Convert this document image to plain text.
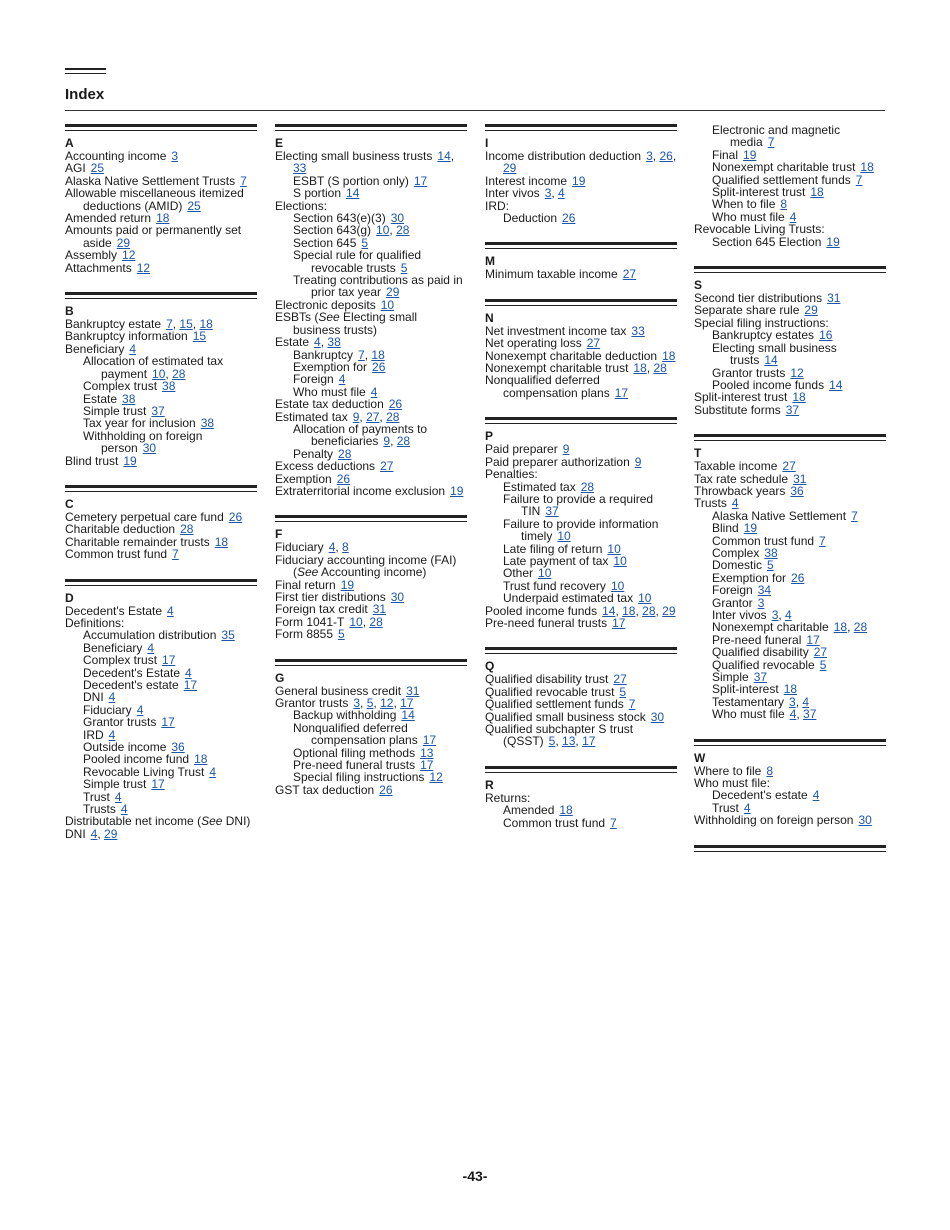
Index

A

Accounting income 3

AGI 25

Alaska Native Settlement Trusts 7

Allowable miscellaneous itemized deductions (AMID) 25

Amended return 18

Amounts paid or permanently set aside 29

Assembly 12

Attachments 12

B

Bankruptcy estate 7, 15, 18

Bankruptcy information 15

Beneficiary 4

Allocation of estimated tax payment 10, 28

Complex trust 38

Estate 38

Simple trust 37

Tax year for inclusion 38

Withholding on foreign person 30

Blind trust 19

C

Cemetery perpetual care fund 26

Charitable deduction 28

Charitable remainder trusts 18

Common trust fund 7

D

Decedent's Estate 4

Definitions:

Accumulation distribution 35

Beneficiary 4

Complex trust 17

Decedent's Estate 4

Decedent's estate 17

DNI 4

Fiduciary 4

Grantor trusts 17

IRD 4

Outside income 36

Pooled income fund 18

Revocable Living Trust 4

Simple trust 17

Trust 4

Trusts 4

Distributable net income (See DNI)

DNI 4, 29

E

Electing small business trusts 14, 33

ESBT (S portion only) 17

S portion 14

Elections:

Section 643(e)(3) 30

Section 643(g) 10, 28

Section 645 5

Special rule for qualified revocable trusts 5

Treating contributions as paid in prior tax year 29

Electronic deposits 10

ESBTs (See Electing small business trusts)

Estate 4, 38

Bankruptcy 7, 18

Exemption for 26

Foreign 4

Who must file 4

Estate tax deduction 26

Estimated tax 9, 27, 28

Allocation of payments to beneficiaries 9, 28

Penalty 28

Excess deductions 27

Exemption 26

Extraterritorial income exclusion 19

F

Fiduciary 4, 8

Fiduciary accounting income (FAI) (See Accounting income)

Final return 19

First tier distributions 30

Foreign tax credit 31

Form 1041-T 10, 28

Form 8855 5

G

General business credit 31

Grantor trusts 3, 5, 12, 17

Backup withholding 14

Nonqualified deferred compensation plans 17

Optional filing methods 13

Pre-need funeral trusts 17

Special filing instructions 12

GST tax deduction 26

I

Income distribution deduction 3, 26, 29

Interest income 19

Inter vivos 3, 4

IRD:

Deduction 26

M

Minimum taxable income 27

N

Net investment income tax 33

Net operating loss 27

Nonexempt charitable deduction 18

Nonexempt charitable trust 18, 28

Nonqualified deferred compensation plans 17

P

Paid preparer 9

Paid preparer authorization 9

Penalties:

Estimated tax 28

Failure to provide a required TIN 37

Failure to provide information timely 10

Late filing of return 10

Late payment of tax 10

Other 10

Trust fund recovery 10

Underpaid estimated tax 10

Pooled income funds 14, 18, 28, 29

Pre-need funeral trusts 17

Q

Qualified disability trust 27

Qualified revocable trust 5

Qualified settlement funds 7

Qualified small business stock 30

Qualified subchapter S trust (QSST) 5, 13, 17

R

Returns:

Amended 18

Common trust fund 7

Electronic and magnetic media 7

Final 19

Nonexempt charitable trust 18

Qualified settlement funds 7

Split-interest trust 18

When to file 8

Who must file 4

Revocable Living Trusts:

Section 645 Election 19

S

Second tier distributions 31

Separate share rule 29

Special filing instructions:

Bankruptcy estates 16

Electing small business trusts 14

Grantor trusts 12

Pooled income funds 14

Split-interest trust 18

Substitute forms 37

T

Taxable income 27

Tax rate schedule 31

Throwback years 36

Trusts 4

Alaska Native Settlement 7

Blind 19

Common trust fund 7

Complex 38

Domestic 5

Exemption for 26

Foreign 34

Grantor 3

Inter vivos 3, 4

Nonexempt charitable 18, 28

Pre-need funeral 17

Qualified disability 27

Qualified revocable 5

Simple 37

Split-interest 18

Testamentary 3, 4

Who must file 4, 37

W

Where to file 8

Who must file:

Decedent's estate 4

Trust 4

Withholding on foreign person 30

-43-
